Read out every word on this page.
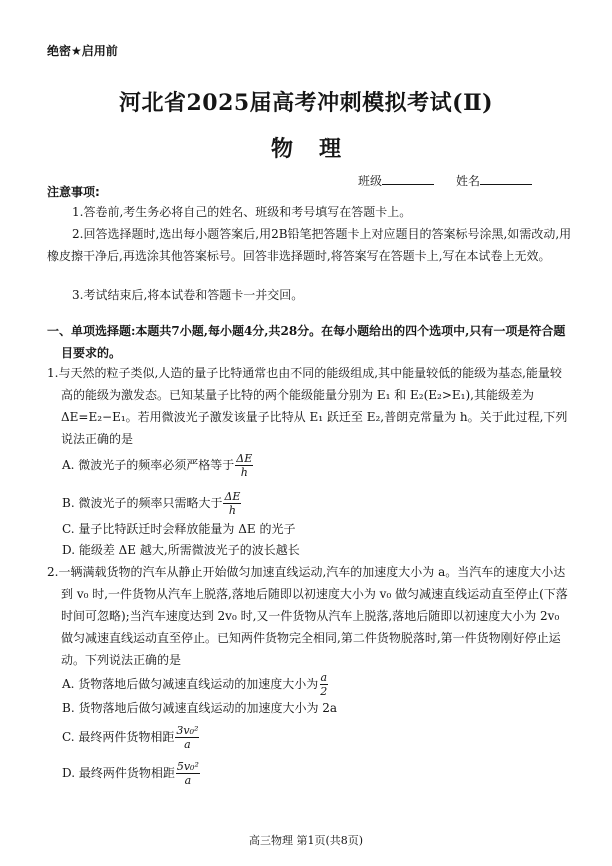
绝密★启用前
河北省2025届高考冲刺模拟考试(Ⅱ)
物 理
班级	姓名
注意事项:
1.答卷前,考生务必将自己的姓名、班级和考号填写在答题卡上。
2.回答选择题时,选出每小题答案后,用2B铅笔把答题卡上对应题目的答案标号涂黑,如需改动,用橡皮擦干净后,再选涂其他答案标号。回答非选择题时,将答案写在答题卡上,写在本试卷上无效。
3.考试结束后,将本试卷和答题卡一并交回。
一、单项选择题:本题共7小题,每小题4分,共28分。在每小题给出的四个选项中,只有一项是符合题目要求的。
1.与天然的粒子类似,人造的量子比特通常也由不同的能级组成,其中能量较低的能级为基态,能量较高的能级为激发态。已知某量子比特的两个能级能量分别为 E₁ 和 E₂(E₂>E₁),其能级差为 ΔE=E₂−E₁。若用微波光子激发该量子比特从 E₁ 跃迁至 E₂,普朗克常量为 h。关于此过程,下列说法正确的是
A. 微波光子的频率必须严格等于 $\frac{\Delta E}{h}$
B. 微波光子的频率只需略大于 $\frac{\Delta E}{h}$
C. 量子比特跃迁时会释放能量为 ΔE 的光子
D. 能级差 ΔE 越大,所需微波光子的波长越长
2.一辆满载货物的汽车从静止开始做匀加速直线运动,汽车的加速度大小为 a。当汽车的速度大小达到 v₀ 时,一件货物从汽车上脱落,落地后随即以初速度大小为 v₀ 做匀减速直线运动直至停止(下落时间可忽略);当汽车速度达到 2v₀ 时,又一件货物从汽车上脱落,落地后随即以初速度大小为 2v₀ 做匀减速直线运动直至停止。已知两件货物完全相同,第二件货物脱落时,第一件货物刚好停止运动。下列说法正确的是
A. 货物落地后做匀减速直线运动的加速度大小为 $\frac{a}{2}$
B. 货物落地后做匀减速直线运动的加速度大小为 2a
C. 最终两件货物相距 $\frac{\text{3v₀²}}{a}$
D. 最终两件货物相距 $\frac{\text{5v₀²}}{a}$
高三物理 第1页(共8页)
